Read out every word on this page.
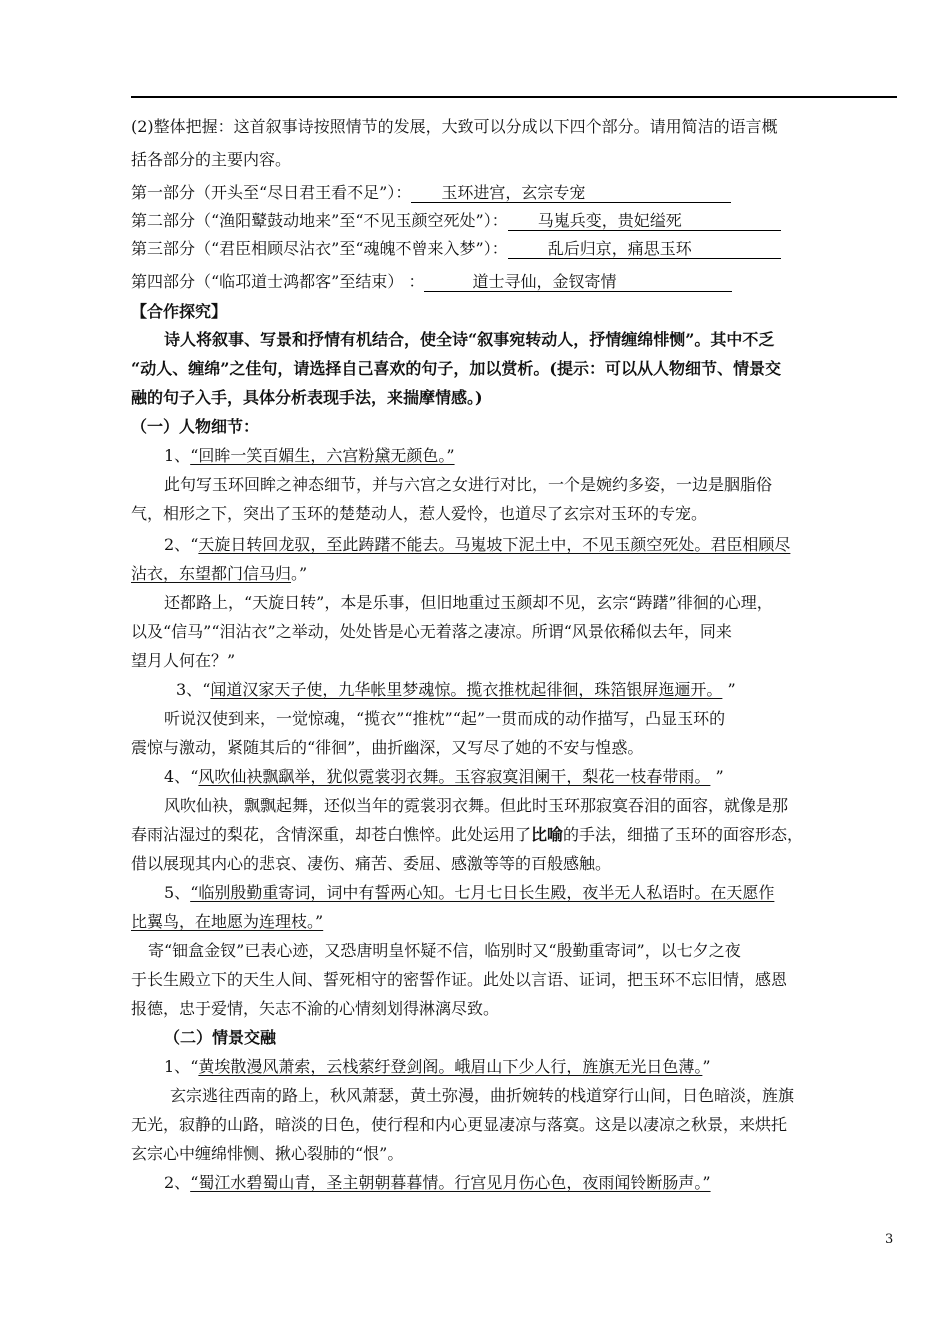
(2)整体把握：这首叙事诗按照情节的发展，大致可以分成以下四个部分。请用简洁的语言概
括各部分的主要内容。
第一部分（开头至“尽日君王看不足”）： 玉环进宫，玄宗专宠
第二部分（“渔阳鼙鼓动地来”至“不见玉颜空死处”）： 马嵬兵变，贵妃缢死
第三部分（“君臣相顾尽沾衣”至“魂魄不曾来入梦”）：	乱后归京，痛思玉环
第四部分（“临邛道士鸿都客”至结束） ：	道士寻仙，金钗寄情
【合作探究】
诗人将叙事、写景和抒情有机结合，使全诗“叙事宛转动人，抒情缠绵悱恻”。其中不乏
“动人、缠绵”之佳句，请选择自己喜欢的句子，加以赏析。(提示：可以从人物细节、情景交
融的句子入手，具体分析表现手法，来揣摩情感。)
（一）人物细节：
1、“回眸一笑百媚生，六宫粉黛无颜色。”
此句写玉环回眸之神态细节，并与六宫之女进行对比，一个是婉约多姿，一边是胭脂俗
气，相形之下，突出了玉环的楚楚动人，惹人爱怜，也道尽了玄宗对玉环的专宠。
2、“天旋日转回龙驭，至此踌躇不能去。马嵬坡下泥土中，不见玉颜空死处。君臣相顾尽
沾衣，东望都门信马归。”
还都路上，“天旋日转”，本是乐事，但旧地重过玉颜却不见，玄宗“踌躇”徘徊的心理，
以及“信马”“泪沾衣”之举动，处处皆是心无着落之凄凉。所谓“风景依稀似去年，同来
望月人何在？”
3、“闻道汉家天子使，九华帐里梦魂惊。揽衣推枕起徘徊，珠箔银屏迤逦开。 ”
听说汉使到来，一觉惊魂，“揽衣”“推枕”“起”一贯而成的动作描写，凸显玉环的
震惊与激动，紧随其后的“徘徊”，曲折幽深，又写尽了她的不安与惶惑。
4、“风吹仙袂飘飖举，犹似霓裳羽衣舞。玉容寂寞泪阑干，梨花一枝春带雨。 ”
风吹仙袂，飘飘起舞，还似当年的霓裳羽衣舞。但此时玉环那寂寞吞泪的面容，就像是那
春雨沾湿过的梨花，含情深重，却苍白憔悴。此处运用了比喻的手法，细描了玉环的面容形态，
借以展现其内心的悲哀、凄伤、痛苦、委屈、感激等等的百般感触。
5、“临别殷勤重寄词，词中有誓两心知。七月七日长生殿，夜半无人私语时。在天愿作
比翼鸟，在地愿为连理枝。”
寄“钿盒金钗”已表心迹，又恐唐明皇怀疑不信，临别时又“殷勤重寄词”，以七夕之夜
于长生殿立下的天生人间、誓死相守的密誓作证。此处以言语、证词，把玉环不忘旧情，感恩
报德，忠于爱情，矢志不渝的心情刻划得淋漓尽致。
（二）情景交融
1、“黄埃散漫风萧索，云栈萦纡登剑阁。峨眉山下少人行，旌旗无光日色薄。”
玄宗逃往西南的路上，秋风萧瑟，黄土弥漫，曲折婉转的栈道穿行山间，日色暗淡，旌旗
无光，寂静的山路，暗淡的日色，使行程和内心更显凄凉与落寞。这是以凄凉之秋景，来烘托
玄宗心中缠绵悱恻、揪心裂肺的“恨”。
2、“蜀江水碧蜀山青，圣主朝朝暮暮情。行宫见月伤心色，夜雨闻铃断肠声。”
3
